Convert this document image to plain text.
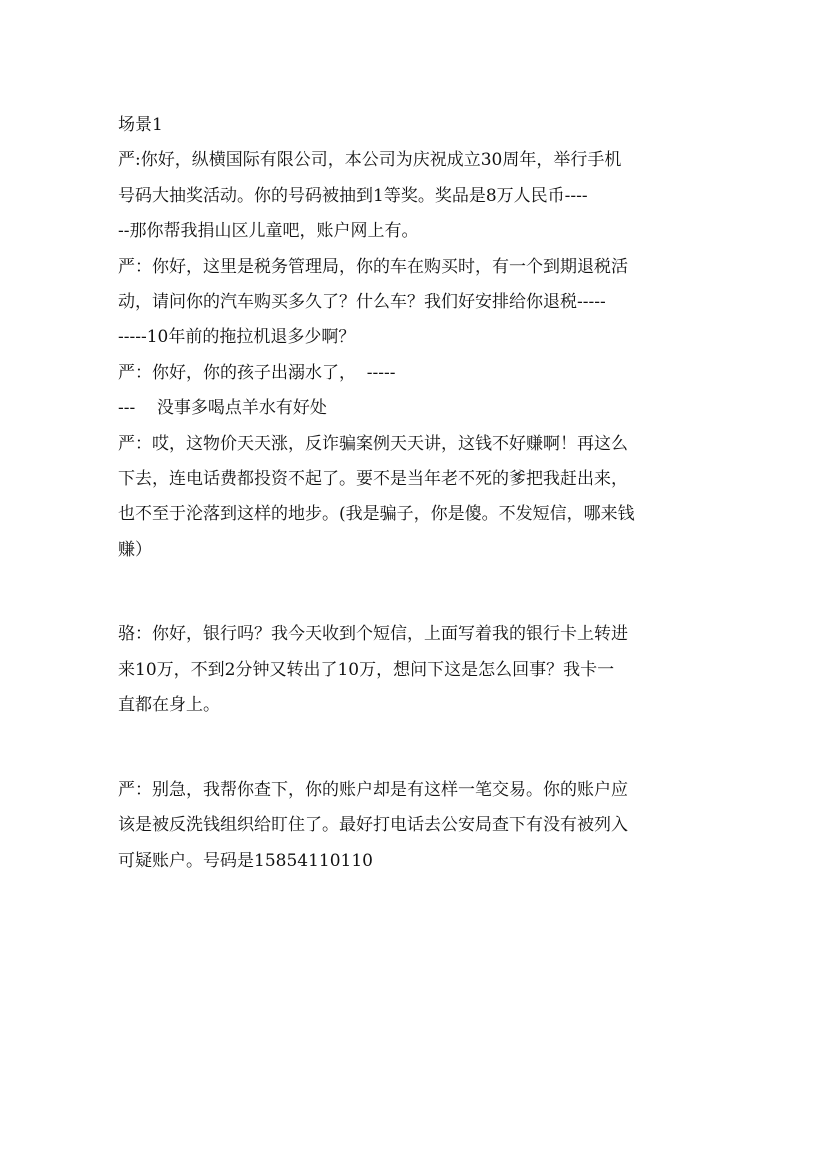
场景1
严:你好，纵横国际有限公司，本公司为庆祝成立30周年，举行手机
号码大抽奖活动。你的号码被抽到1等奖。奖品是8万人民币----
--那你帮我捐山区儿童吧，账户网上有。
严：你好，这里是税务管理局，你的车在购买时，有一个到期退税活
动，请问你的汽车购买多久了？什么车？我们好安排给你退税-----
-----10年前的拖拉机退多少啊？
严：你好，你的孩子出溺水了，  -----
---    没事多喝点羊水有好处
严：哎，这物价天天涨，反诈骗案例天天讲，这钱不好赚啊！再这么
下去，连电话费都投资不起了。要不是当年老不死的爹把我赶出来，
也不至于沦落到这样的地步。(我是骗子，你是傻。不发短信，哪来钱
赚）
骆：你好，银行吗？我今天收到个短信，上面写着我的银行卡上转进
来10万，不到2分钟又转出了10万，想问下这是怎么回事？我卡一
直都在身上。
严：别急，我帮你查下，你的账户却是有这样一笔交易。你的账户应
该是被反洗钱组织给盯住了。最好打电话去公安局查下有没有被列入
可疑账户。号码是15854110110
